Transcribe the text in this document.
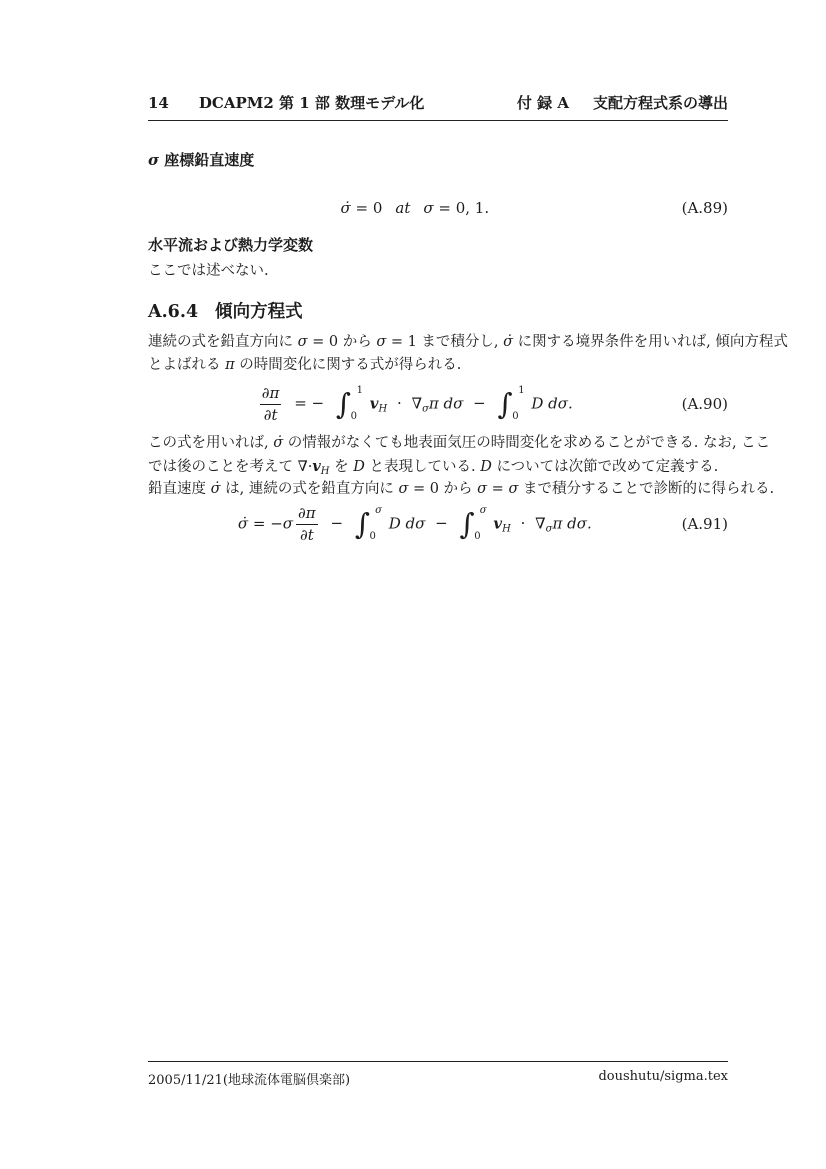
14 DCAPM2 第 1 部 数理モデル化	付 録 A 支配方程式系の導出
σ 座標鉛直速度
σ̇ = 0 at σ = 0, 1.	(A.89)
水平流および熱力学変数
ここでは述べない.
A.6.4 傾向方程式
連続の式を鉛直方向に σ = 0 から σ = 1 まで積分し, σ̇ に関する境界条件を用いれば, 傾向方程式
とよばれる π の時間変化に関する式が得られる.
$\frac{\partial\pi}{\partial t}$ = − ∫ 1
0
$v_H \cdot \nabla_\sigma\pi$ dσ − ∫ 1
0
D dσ.	(A.90)
この式を用いれば, σ̇ の情報がなくても地表面気圧の時間変化を求めることができる. なお, ここ
では後のことを考えて $\nabla\cdot v_H$ を D と表現している. D については次節で改めて定義する.
鉛直速度 σ̇ は, 連続の式を鉛直方向に σ = 0 から σ = σ まで積分することで診断的に得られる.
σ̇ = $-\sigma \frac{\partial\pi}{\partial t}$ − ∫ σ
0
D dσ − ∫ σ
0
$v_H \cdot \nabla_\sigma\pi$ dσ.	(A.91)
2005/11/21(地球流体電脳倶楽部)	doushutu/sigma.tex
